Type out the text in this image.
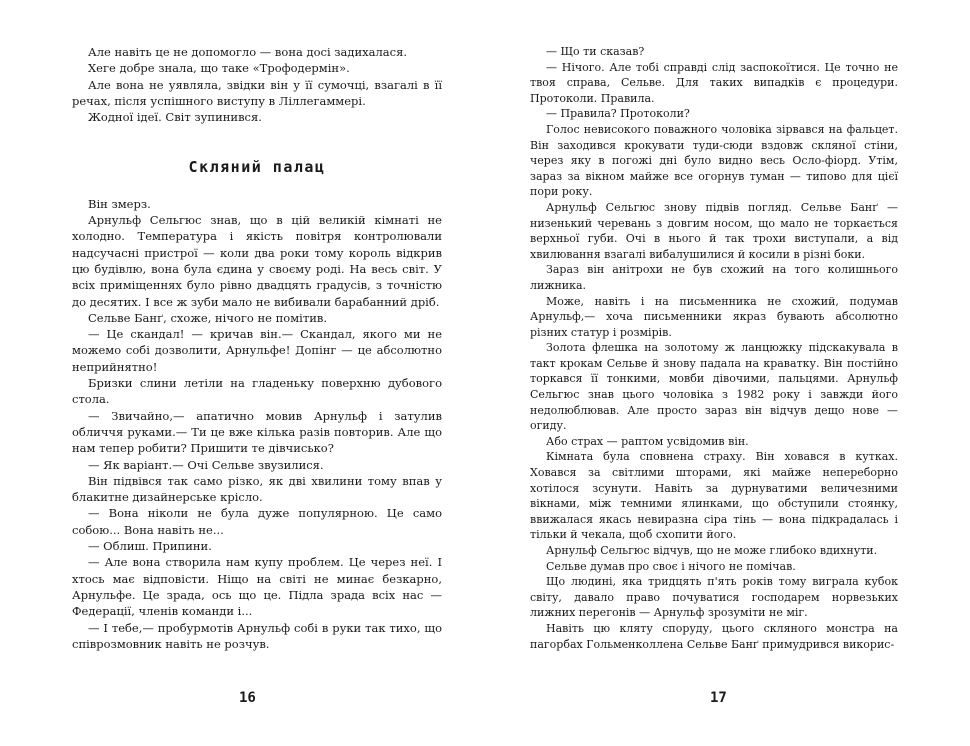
Але навіть це не допомогло — вона досі задихалася.

Хеге добре знала, що таке «Трофодермін».

Але вона не уявляла, звідки він у її сумочці, взагалі в її речах, після успішного виступу в Ліллегаммері.

Жодної ідеї. Світ зупинився.

Скляний палац

Він змерз.

Арнульф Сельгюс знав, що в цій великій кімнаті не холодно. Температура і якість повітря контролювали надсучасні пристрої — коли два роки тому король відкрив цю будівлю, вона була єдина у своєму роді. На весь світ. У всіх приміщеннях було рівно двадцять градусів, з точністю до десятих. І все ж зуби мало не вибивали барабанний дріб.

Сельве Банґ, схоже, нічого не помітив.

— Це скандал! — кричав він.— Скандал, якого ми не можемо собі дозволити, Арнульфе! Допінг — це абсолютно неприйнятно!

Бризки слини летіли на гладеньку поверхню дубового стола.

— Звичайно,— апатично мовив Арнульф і затулив обличчя руками.— Ти це вже кілька разів повторив. Але що нам тепер робити? Пришити те дівчисько?

— Як варіант.— Очі Сельве звузилися.

Він підвівся так само різко, як дві хвилини тому впав у блакитне дизайнерське крісло.

— Вона ніколи не була дуже популярною. Це само собою... Вона навіть не...

— Облиш. Припини.

— Але вона створила нам купу проблем. Це через неї. І хтось має відповісти. Ніщо на світі не минає безкарно, Арнульфе. Це зрада, ось що це. Підла зрада всіх нас — Федерації, членів команди і...

— І тебе,— пробурмотів Арнульф собі в руки так тихо, що співрозмовник навіть не розчув.

16

— Що ти сказав?

— Нічого. Але тобі справді слід заспокоїтися. Це точно не твоя справа, Сельве. Для таких випадків є процедури. Протоколи. Правила.

— Правила? Протоколи?

Голос невисокого поважного чоловіка зірвався на фальцет. Він заходився крокувати туди-сюди вздовж скляної стіни, через яку в погожі дні було видно весь Осло-фіорд. Утім, зараз за вікном майже все огорнув туман — типово для цієї пори року.

Арнульф Сельгюс знову підвів погляд. Сельве Банґ — низенький черевань з довгим носом, що мало не торкається верхньої губи. Очі в нього й так трохи виступали, а від хвилювання взагалі вибалушилися й косили в різні боки.

Зараз він анітрохи не був схожий на того колишнього лижника.

Може, навіть і на письменника не схожий, подумав Арнульф,— хоча письменники якраз бувають абсолютно різних статур і розмірів.

Золота флешка на золотому ж ланцюжку підскакувала в такт крокам Сельве й знову падала на краватку. Він постійно торкався її тонкими, мовби дівочими, пальцями. Арнульф Сельгюс знав цього чоловіка з 1982 року і завжди його недолюблював. Але просто зараз він відчув дещо нове — огиду.

Або страх — раптом усвідомив він.

Кімната була сповнена страху. Він ховався в кутках. Ховався за світлими шторами, які майже непереборно хотілося зсунути. Навіть за дурнуватими величезними вікнами, між темними ялинками, що обступили стоянку, ввижалася якась невиразна сіра тінь — вона підкрадалась і тільки й чекала, щоб схопити його.

Арнульф Сельгюс відчув, що не може глибоко вдихнути.

Сельве думав про своє і нічого не помічав.

Що людині, яка тридцять п'ять років тому виграла кубок світу, давало право почуватися господарем норвезьких лижних перегонів — Арнульф зрозуміти не міг.

Навіть цю кляту споруду, цього скляного монстра на пагорбах Гольменколлена Сельве Банґ примудрився викорис-

17
